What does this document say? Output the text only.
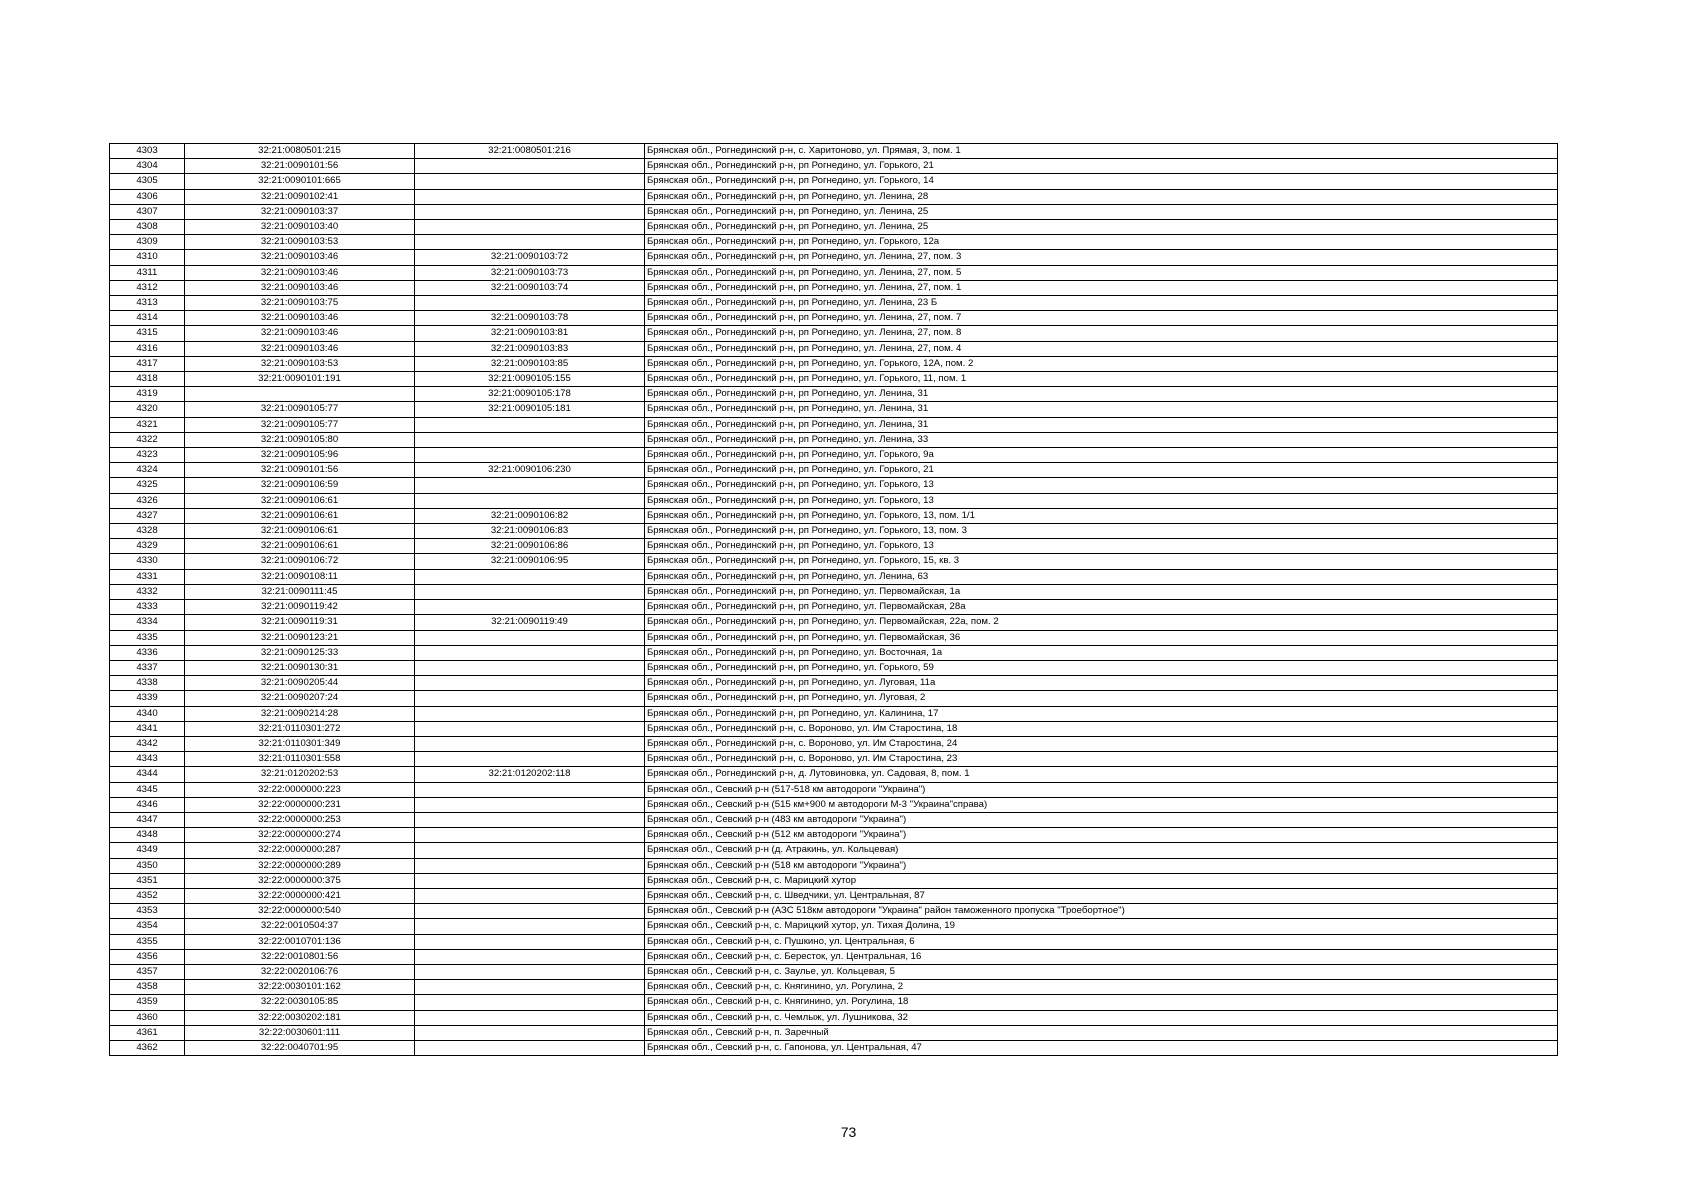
4303	32:21:0080501:215	32:21:0080501:216	Брянская обл., Рогнединский р-н, с. Харитоново, ул. Прямая, 3, пом. 1
4304	32:21:0090101:56		Брянская обл., Рогнединский р-н, рп Рогнедино, ул. Горького, 21
4305	32:21:0090101:665		Брянская обл., Рогнединский р-н, рп Рогнедино, ул. Горького, 14
4306	32:21:0090102:41		Брянская обл., Рогнединский р-н, рп Рогнедино, ул. Ленина, 28
4307	32:21:0090103:37		Брянская обл., Рогнединский р-н, рп Рогнедино, ул. Ленина, 25
4308	32:21:0090103:40		Брянская обл., Рогнединский р-н, рп Рогнедино, ул. Ленина, 25
4309	32:21:0090103:53		Брянская обл., Рогнединский р-н, рп Рогнедино, ул. Горького, 12а
4310	32:21:0090103:46	32:21:0090103:72	Брянская обл., Рогнединский р-н, рп Рогнедино, ул. Ленина, 27, пом. 3
4311	32:21:0090103:46	32:21:0090103:73	Брянская обл., Рогнединский р-н, рп Рогнедино, ул. Ленина, 27, пом. 5
4312	32:21:0090103:46	32:21:0090103:74	Брянская обл., Рогнединский р-н, рп Рогнедино, ул. Ленина, 27, пом. 1
4313	32:21:0090103:75		Брянская обл., Рогнединский р-н, рп Рогнедино, ул. Ленина, 23 Б
4314	32:21:0090103:46	32:21:0090103:78	Брянская обл., Рогнединский р-н, рп Рогнедино, ул. Ленина, 27, пом. 7
4315	32:21:0090103:46	32:21:0090103:81	Брянская обл., Рогнединский р-н, рп Рогнедино, ул. Ленина, 27, пом. 8
4316	32:21:0090103:46	32:21:0090103:83	Брянская обл., Рогнединский р-н, рп Рогнедино, ул. Ленина, 27, пом. 4
4317	32:21:0090103:53	32:21:0090103:85	Брянская обл., Рогнединский р-н, рп Рогнедино, ул. Горького, 12А, пом. 2
4318	32:21:0090101:191	32:21:0090105:155	Брянская обл., Рогнединский р-н, рп Рогнедино, ул. Горького, 11, пом. 1
4319		32:21:0090105:178	Брянская обл., Рогнединский р-н, рп Рогнедино, ул. Ленина, 31
4320	32:21:0090105:77	32:21:0090105:181	Брянская обл., Рогнединский р-н, рп Рогнедино, ул. Ленина, 31
4321	32:21:0090105:77		Брянская обл., Рогнединский р-н, рп Рогнедино, ул. Ленина, 31
4322	32:21:0090105:80		Брянская обл., Рогнединский р-н, рп Рогнедино, ул. Ленина, 33
4323	32:21:0090105:96		Брянская обл., Рогнединский р-н, рп Рогнедино, ул. Горького, 9а
4324	32:21:0090101:56	32:21:0090106:230	Брянская обл., Рогнединский р-н, рп Рогнедино, ул. Горького, 21
4325	32:21:0090106:59		Брянская обл., Рогнединский р-н, рп Рогнедино, ул. Горького, 13
4326	32:21:0090106:61		Брянская обл., Рогнединский р-н, рп Рогнедино, ул. Горького, 13
4327	32:21:0090106:61	32:21:0090106:82	Брянская обл., Рогнединский р-н, рп Рогнедино, ул. Горького, 13, пом. 1/1
4328	32:21:0090106:61	32:21:0090106:83	Брянская обл., Рогнединский р-н, рп Рогнедино, ул. Горького, 13, пом. 3
4329	32:21:0090106:61	32:21:0090106:86	Брянская обл., Рогнединский р-н, рп Рогнедино, ул. Горького, 13
4330	32:21:0090106:72	32:21:0090106:95	Брянская обл., Рогнединский р-н, рп Рогнедино, ул. Горького, 15, кв. 3
4331	32:21:0090108:11		Брянская обл., Рогнединский р-н, рп Рогнедино, ул. Ленина, 63
4332	32:21:0090111:45		Брянская обл., Рогнединский р-н, рп Рогнедино, ул. Первомайская, 1а
4333	32:21:0090119:42		Брянская обл., Рогнединский р-н, рп Рогнедино, ул. Первомайская, 28а
4334	32:21:0090119:31	32:21:0090119:49	Брянская обл., Рогнединский р-н, рп Рогнедино, ул. Первомайская, 22а, пом. 2
4335	32:21:0090123:21		Брянская обл., Рогнединский р-н, рп Рогнедино, ул. Первомайская, 36
4336	32:21:0090125:33		Брянская обл., Рогнединский р-н, рп Рогнедино, ул. Восточная, 1а
4337	32:21:0090130:31		Брянская обл., Рогнединский р-н, рп Рогнедино, ул. Горького, 59
4338	32:21:0090205:44		Брянская обл., Рогнединский р-н, рп Рогнедино, ул. Луговая, 11а
4339	32:21:0090207:24		Брянская обл., Рогнединский р-н, рп Рогнедино, ул. Луговая, 2
4340	32:21:0090214:28		Брянская обл., Рогнединский р-н, рп Рогнедино, ул. Калинина, 17
4341	32:21:0110301:272		Брянская обл., Рогнединский р-н, с. Вороново, ул. Им Старостина, 18
4342	32:21:0110301:349		Брянская обл., Рогнединский р-н, с. Вороново, ул. Им Старостина, 24
4343	32:21:0110301:558		Брянская обл., Рогнединский р-н, с. Вороново, ул. Им Старостина, 23
4344	32:21:0120202:53	32:21:0120202:118	Брянская обл., Рогнединский р-н, д. Лутовиновка, ул. Садовая, 8, пом. 1
4345	32:22:0000000:223		Брянская обл., Севский р-н (517-518 км автодороги "Украина")
4346	32:22:0000000:231		Брянская обл., Севский р-н (515 км+900 м автодороги М-3 "Украина"справа)
4347	32:22:0000000:253		Брянская обл., Севский р-н (483 км автодороги "Украина")
4348	32:22:0000000:274		Брянская обл., Севский р-н (512 км автодороги "Украина")
4349	32:22:0000000:287		Брянская обл., Севский р-н (д. Атракинь, ул. Кольцевая)
4350	32:22:0000000:289		Брянская обл., Севский р-н (518 км автодороги "Украина")
4351	32:22:0000000:375		Брянская обл., Севский р-н, с. Марицкий хутор
4352	32:22:0000000:421		Брянская обл., Севский р-н, с. Шведчики, ул. Центральная, 87
4353	32:22:0000000:540		Брянская обл., Севский р-н (АЗС 518км автодороги "Украина" район таможенного пропуска "Троебортное")
4354	32:22:0010504:37		Брянская обл., Севский р-н, с. Марицкий хутор, ул. Тихая Долина, 19
4355	32:22:0010701:136		Брянская обл., Севский р-н, с. Пушкино, ул. Центральная, 6
4356	32:22:0010801:56		Брянская обл., Севский р-н, с. Бересток, ул. Центральная, 16
4357	32:22:0020106:76		Брянская обл., Севский р-н, с. Заулье, ул. Кольцевая, 5
4358	32:22:0030101:162		Брянская обл., Севский р-н, с. Княгинино, ул. Рогулина, 2
4359	32:22:0030105:85		Брянская обл., Севский р-н, с. Княгинино, ул. Рогулина, 18
4360	32:22:0030202:181		Брянская обл., Севский р-н, с. Чемлыж, ул. Лушникова, 32
4361	32:22:0030601:111		Брянская обл., Севский р-н, п. Заречный
4362	32:22:0040701:95		Брянская обл., Севский р-н, с. Гапонова, ул. Центральная, 47
73
